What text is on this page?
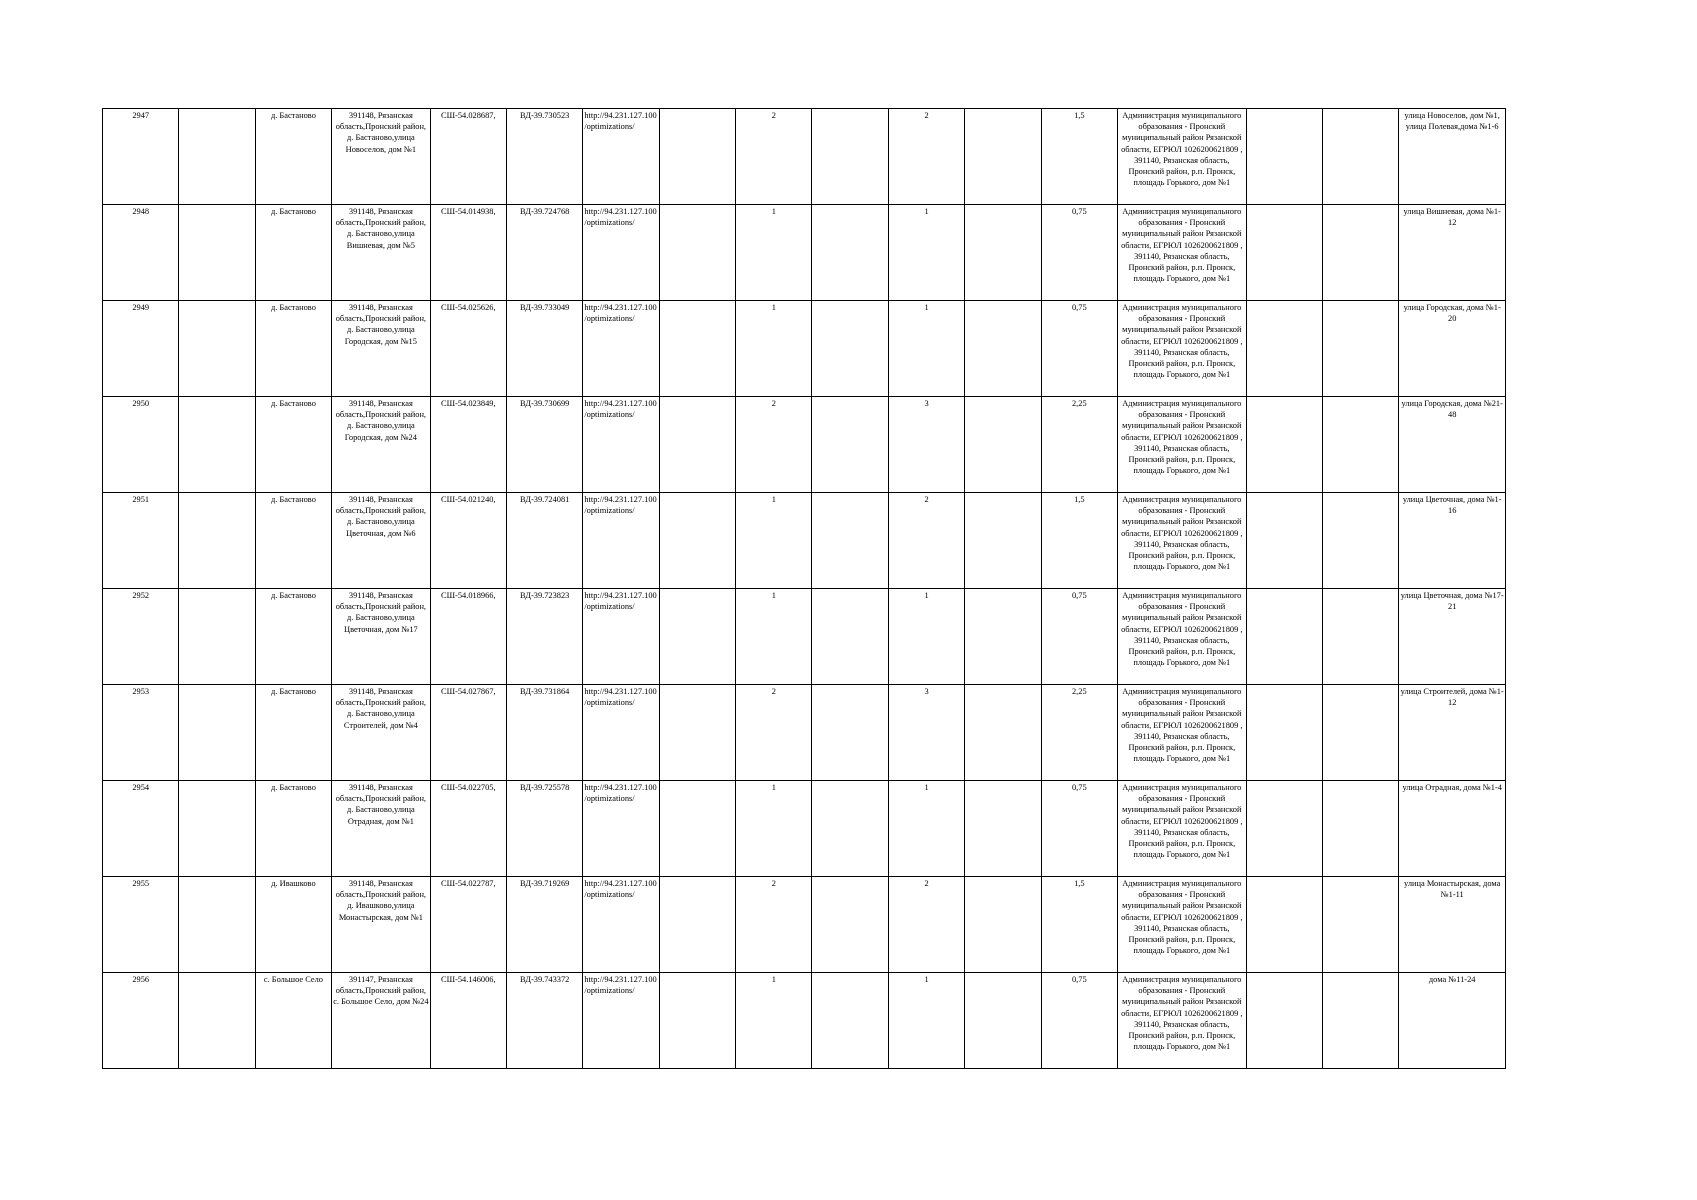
2947		д. Бастаново	391148, Рязанская область,Пронский район, д. Бастаново,улица Новоселов, дом №1	СШ-54.028687,	ВД-39.730523	http://94.231.127.100/optimizations/		2		2		1,5	Администрация муниципального образования - Пронский муниципальный район Рязанской области, ЕГРЮЛ 1026200621809 , 391140, Рязанская область, Пронский район, р.п. Пронск, площадь Горького, дом №1			улица Новоселов, дом №1, улица Полевая,дома №1-6
2948		д. Бастаново	391148, Рязанская область,Пронский район, д. Бастаново,улица Вишневая, дом №5	СШ-54.014938,	ВД-39.724768	http://94.231.127.100/optimizations/		1		1		0,75	Администрация муниципального образования - Пронский муниципальный район Рязанской области, ЕГРЮЛ 1026200621809 , 391140, Рязанская область, Пронский район, р.п. Пронск, площадь Горького, дом №1			улица Вишневая, дома №1-12
2949		д. Бастаново	391148, Рязанская область,Пронский район, д. Бастаново,улица Городская, дом №15	СШ-54.025626,	ВД-39.733049	http://94.231.127.100/optimizations/		1		1		0,75	Администрация муниципального образования - Пронский муниципальный район Рязанской области, ЕГРЮЛ 1026200621809 , 391140, Рязанская область, Пронский район, р.п. Пронск, площадь Горького, дом №1			улица Городская, дома №1-20
2950		д. Бастаново	391148, Рязанская область,Пронский район, д. Бастаново,улица Городская, дом №24	СШ-54.023849,	ВД-39.730699	http://94.231.127.100/optimizations/		2		3		2,25	Администрация муниципального образования - Пронский муниципальный район Рязанской области, ЕГРЮЛ 1026200621809 , 391140, Рязанская область, Пронский район, р.п. Пронск, площадь Горького, дом №1			улица Городская, дома №21-48
2951		д. Бастаново	391148, Рязанская область,Пронский район, д. Бастаново,улица Цветочная, дом №6	СШ-54.021240,	ВД-39.724081	http://94.231.127.100/optimizations/		1		2		1,5	Администрация муниципального образования - Пронский муниципальный район Рязанской области, ЕГРЮЛ 1026200621809 , 391140, Рязанская область, Пронский район, р.п. Пронск, площадь Горького, дом №1			улица Цветочная, дома №1-16
2952		д. Бастаново	391148, Рязанская область,Пронский район, д. Бастаново,улица Цветочная, дом №17	СШ-54.018966,	ВД-39.723823	http://94.231.127.100/optimizations/		1		1		0,75	Администрация муниципального образования - Пронский муниципальный район Рязанской области, ЕГРЮЛ 1026200621809 , 391140, Рязанская область, Пронский район, р.п. Пронск, площадь Горького, дом №1			улица Цветочная, дома №17-21
2953		д. Бастаново	391148, Рязанская область,Пронский район, д. Бастаново,улица Строителей, дом №4	СШ-54.027867,	ВД-39.731864	http://94.231.127.100/optimizations/		2		3		2,25	Администрация муниципального образования - Пронский муниципальный район Рязанской области, ЕГРЮЛ 1026200621809 , 391140, Рязанская область, Пронский район, р.п. Пронск, площадь Горького, дом №1			улица Строителей, дома №1-12
2954		д. Бастаново	391148, Рязанская область,Пронский район, д. Бастаново,улица Отрадная, дом №1	СШ-54.022705,	ВД-39.725578	http://94.231.127.100/optimizations/		1		1		0,75	Администрация муниципального образования - Пронский муниципальный район Рязанской области, ЕГРЮЛ 1026200621809 , 391140, Рязанская область, Пронский район, р.п. Пронск, площадь Горького, дом №1			улица Отрадная, дома №1-4
2955		д. Ивашково	391148, Рязанская область,Пронский район, д. Ивашково,улица Монастырская, дом №1	СШ-54.022787,	ВД-39.719269	http://94.231.127.100/optimizations/		2		2		1,5	Администрация муниципального образования - Пронский муниципальный район Рязанской области, ЕГРЮЛ 1026200621809 , 391140, Рязанская область, Пронский район, р.п. Пронск, площадь Горького, дом №1			улица Монастырская, дома №1-11
2956		с. Большое Село	391147, Рязанская область,Пронский район, с. Большое Село, дом №24	СШ-54.146006,	ВД-39.743372	http://94.231.127.100/optimizations/		1		1		0,75	Администрация муниципального образования - Пронский муниципальный район Рязанской области, ЕГРЮЛ 1026200621809 , 391140, Рязанская область, Пронский район, р.п. Пронск, площадь Горького, дом №1			дома №11-24
